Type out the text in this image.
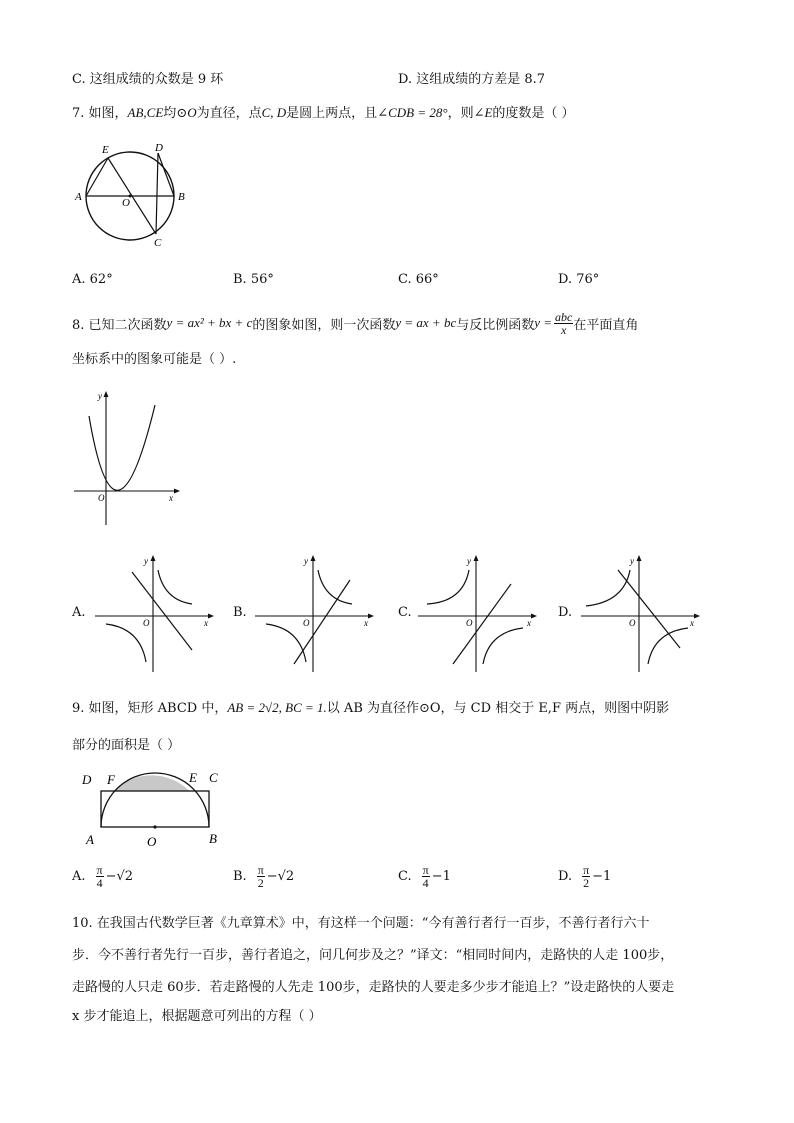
C. 这组成绩的众数是 9 环	D. 这组成绩的方差是 8.7
7. 如图，AB,CE均⊙O为直径，点C, D是圆上两点，且∠CDB = 28°，则∠E的度数是（ ）
E	D
A	O	B
C
A. 62°	B. 56°	C. 66°	D. 76°
8. 已知二次函数 y = ax² + bx + c 的图象如图，则一次函数 y = ax + bc 与反比例函数 $y = \frac{\text{abc}}{x}$ 在平面直角
坐标系中的图象可能是（ ）.
y
x
O
A.
y
x
O
B.
y
x
O
C.
y
x
O
D.
y
x
O
9. 如图，矩形 ABCD 中，AB = 2√2, BC = 1.以 AB 为直径作⊙O，与 CD 相交于 E,F 两点，则图中阴影
部分的面积是（ ）
D F	E C
A	O	B
A. $\frac{\pi}{4} -√2$	B. $\frac{\pi}{2} -√2$	C. $\frac{\pi}{4} -1$	D. $\frac{\pi}{2} -1$
10. 在我国古代数学巨著《九章算术》中，有这样一个问题：“今有善行者行一百步，不善行者行六十
步．今不善行者先行一百步，善行者追之，问几何步及之？”译文：“相同时间内，走路快的人走 100步，
走路慢的人只走 60步．若走路慢的人先走 100步，走路快的人要走多少步才能追上？”设走路快的人要走
x 步才能追上，根据题意可列出的方程（ ）
